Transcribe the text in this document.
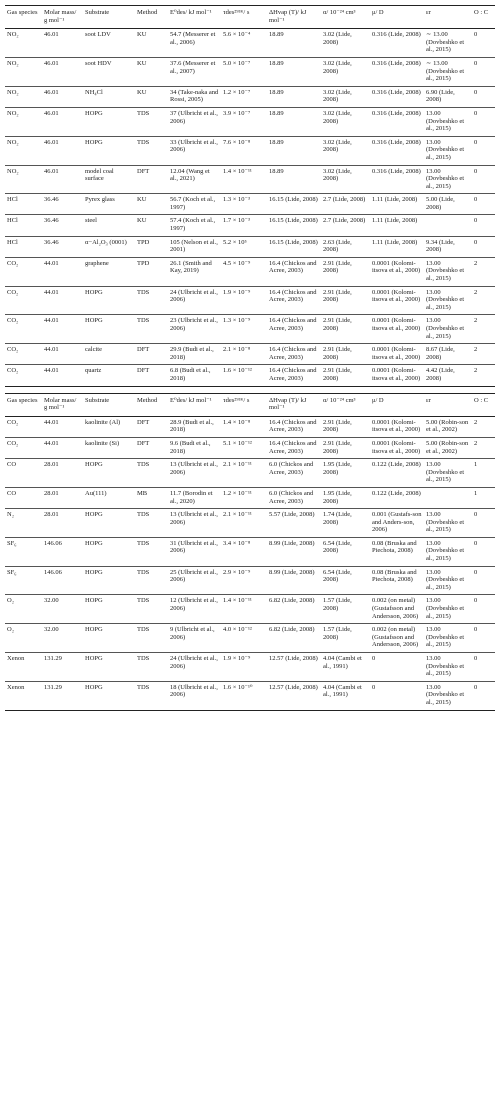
Gas species	Molar mass/ g mol⁻¹	Substrate	Method	E⁰des/ kJ mol⁻¹	τdes²⁹³ᴷ/ s	ΔHvap (T)/ kJ mol⁻¹	α/ 10⁻²⁴ cm³	μ/ D	εr	O : C
NO₂	46.01	soot LDV	KU	54.7 (Messerer et al., 2006)	5.6 × 10⁻⁴	18.89	3.02 (Lide, 2008)	0.316 (Lide, 2008)	∼ 13.00 (Dovbeshko et al., 2015)	0
NO₂	46.01	soot HDV	KU	37.6 (Messerer et al., 2007)	5.0 × 10⁻⁷	18.89	3.02 (Lide, 2008)	0.316 (Lide, 2008)	∼ 13.00 (Dovbeshko et al., 2015)	0
NO₂	46.01	NH₄Cl	KU	34 (Take-naka and Rossi, 2005)	1.2 × 10⁻⁷	18.89	3.02 (Lide, 2008)	0.316 (Lide, 2008)	6.90 (Lide, 2008)	0
NO₂	46.01	HOPG	TDS	37 (Ulbricht et al., 2006)	3.9 × 10⁻⁷	18.89	3.02 (Lide, 2008)	0.316 (Lide, 2008)	13.00 (Dovbeshko et al., 2015)	0
NO₂	46.01	HOPG	TDS	33 (Ulbricht et al., 2006)	7.6 × 10⁻⁸	18.89	3.02 (Lide, 2008)	0.316 (Lide, 2008)	13.00 (Dovbeshko et al., 2015)	0
NO₂	46.01	model coal surface	DFT	12.04 (Wang et al., 2021)	1.4 × 10⁻¹¹	18.89	3.02 (Lide, 2008)	0.316 (Lide, 2008)	13.00 (Dovbeshko et al., 2015)	0
HCl	36.46	Pyrex glass	KU	56.7 (Koch et al., 1997)	1.3 × 10⁻³	16.15 (Lide, 2008)	2.7 (Lide, 2008)	1.11 (Lide, 2008)	5.00 (Lide, 2008)	0
HCl	36.46	steel	KU	57.4 (Koch et al., 1997)	1.7 × 10⁻³	16.15 (Lide, 2008)	2.7 (Lide, 2008)	1.11 (Lide, 2008)		0
HCl	36.46	α−Al₂O₃ (0001)	TPD	105 (Nelson et al., 2001)	5.2 × 10⁵	16.15 (Lide, 2008)	2.63 (Lide, 2008)	1.11 (Lide, 2008)	9.34 (Lide, 2008)	0
CO₂	44.01	graphene	TPD	26.1 (Smith and Kay, 2019)	4.5 × 10⁻⁹	16.4 (Chickos and Acree, 2003)	2.91 (Lide, 2008)	0.0001 (Kolomi-itsova et al., 2000)	13.00 (Dovbeshko et al., 2015)	2
CO₂	44.01	HOPG	TDS	24 (Ulbricht et al., 2006)	1.9 × 10⁻⁹	16.4 (Chickos and Acree, 2003)	2.91 (Lide, 2008)	0.0001 (Kolomi-itsova et al., 2000)	13.00 (Dovbeshko et al., 2015)	2
CO₂	44.01	HOPG	TDS	23 (Ulbricht et al., 2006)	1.3 × 10⁻⁹	16.4 (Chickos and Acree, 2003)	2.91 (Lide, 2008)	0.0001 (Kolomi-itsova et al., 2000)	13.00 (Dovbeshko et al., 2015)	2
CO₂	44.01	calcite	DFT	29.9 (Budi et al., 2018)	2.1 × 10⁻⁸	16.4 (Chickos and Acree, 2003)	2.91 (Lide, 2008)	0.0001 (Kolomi-itsova et al., 2000)	8.67 (Lide, 2008)	2
CO₂	44.01	quartz	DFT	6.8 (Budi et al., 2018)	1.6 × 10⁻¹²	16.4 (Chickos and Acree, 2003)	2.91 (Lide, 2008)	0.0001 (Kolomi-itsova et al., 2000)	4.42 (Lide, 2008)	2
Gas species	Molar mass/ g mol⁻¹	Substrate	Method	E⁰des/ kJ mol⁻¹	τdes²⁹³ᴷ/ s	ΔHvap (T)/ kJ mol⁻¹	α/ 10⁻²⁴ cm³	μ/ D	εr	O : C
CO₂	44.01	kaolinite (Al)	DFT	28.9 (Budi et al., 2018)	1.4 × 10⁻⁸	16.4 (Chickos and Acree, 2003)	2.91 (Lide, 2008)	0.0001 (Kolomi-itsova et al., 2000)	5.00 (Robin-son et al., 2002)	2
CO₂	44.01	kaolinite (Si)	DFT	9.6 (Budi et al., 2018)	5.1 × 10⁻¹²	16.4 (Chickos and Acree, 2003)	2.91 (Lide, 2008)	0.0001 (Kolomi-itsova et al., 2000)	5.00 (Robin-son et al., 2002)	2
CO	28.01	HOPG	TDS	13 (Ulbricht et al., 2006)	2.1 × 10⁻¹¹	6.0 (Chickos and Acree, 2003)	1.95 (Lide, 2008)	0.122 (Lide, 2008)	13.00 (Dovbeshko et al., 2015)	1
CO	28.01	Au(111)	MB	11.7 (Borodin et al., 2020)	1.2 × 10⁻¹¹	6.0 (Chickos and Acree, 2003)	1.95 (Lide, 2008)	0.122 (Lide, 2008)		1
N₂	28.01	HOPG	TDS	13 (Ulbricht et al., 2006)	2.1 × 10⁻¹¹	5.57 (Lide, 2008)	1.74 (Lide, 2008)	0.001 (Gustafs-son and Anders-son, 2006)	13.00 (Dovbeshko et al., 2015)	0
SF₆	146.06	HOPG	TDS	31 (Ulbricht et al., 2006)	3.4 × 10⁻⁸	8.99 (Lide, 2008)	6.54 (Lide, 2008)	0.08 (Bruska and Piechota, 2008)	13.00 (Dovbeshko et al., 2015)	0
SF₆	146.06	HOPG	TDS	25 (Ulbricht et al., 2006)	2.9 × 10⁻⁹	8.99 (Lide, 2008)	6.54 (Lide, 2008)	0.08 (Bruska and Piechota, 2008)	13.00 (Dovbeshko et al., 2015)	0
O₂	32.00	HOPG	TDS	12 (Ulbricht et al., 2006)	1.4 × 10⁻¹¹	6.82 (Lide, 2008)	1.57 (Lide, 2008)	0.002 (on metal) (Gustafsson and Andersson, 2006)	13.00 (Dovbeshko et al., 2015)	0
O₂	32.00	HOPG	TDS	9 (Ulbricht et al., 2006)	4.0 × 10⁻¹²	6.82 (Lide, 2008)	1.57 (Lide, 2008)	0.002 (on metal) (Gustafsson and Andersson, 2006)	13.00 (Dovbeshko et al., 2015)	0
Xenon	131.29	HOPG	TDS	24 (Ulbricht et al., 2006)	1.9 × 10⁻⁹	12.57 (Lide, 2008)	4.04 (Cambi et al., 1991)	0	13.00 (Dovbeshko et al., 2015)	0
Xenon	131.29	HOPG	TDS	18 (Ulbricht et al., 2006)	1.6 × 10⁻¹⁰	12.57 (Lide, 2008)	4.04 (Cambi et al., 1991)	0	13.00 (Dovbeshko et al., 2015)	0
